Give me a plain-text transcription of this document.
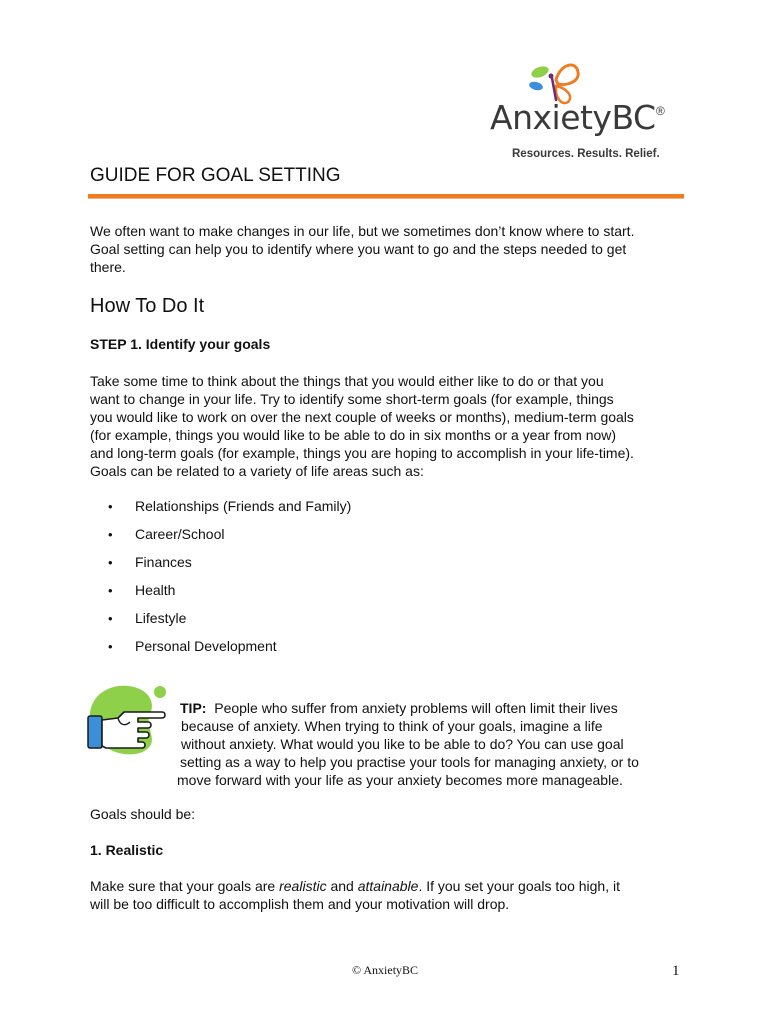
AnxietyBC ®
Resources. Results. Relief.
GUIDE FOR GOAL SETTING
We often want to make changes in our life, but we sometimes don’t know where to start.
Goal setting can help you to identify where you want to go and the steps needed to get
there.
How To Do It
STEP 1. Identify your goals
Take some time to think about the things that you would either like to do or that you
want to change in your life. Try to identify some short-term goals (for example, things
you would like to work on over the next couple of weeks or months), medium-term goals
(for example, things you would like to be able to do in six months or a year from now)
and long-term goals (for example, things you are hoping to accomplish in your life-time).
Goals can be related to a variety of life areas such as:
• Relationships (Friends and Family)
• Career/School
• Finances
• Health
• Lifestyle
• Personal Development
TIP: People who suffer from anxiety problems will often limit their lives
because of anxiety. When trying to think of your goals, imagine a life
without anxiety. What would you like to be able to do? You can use goal
setting as a way to help you practise your tools for managing anxiety, or to
move forward with your life as your anxiety becomes more manageable.
Goals should be:
1. Realistic
Make sure that your goals are realistic and attainable. If you set your goals too high, it
will be too difficult to accomplish them and your motivation will drop.
© AnxietyBC	1
